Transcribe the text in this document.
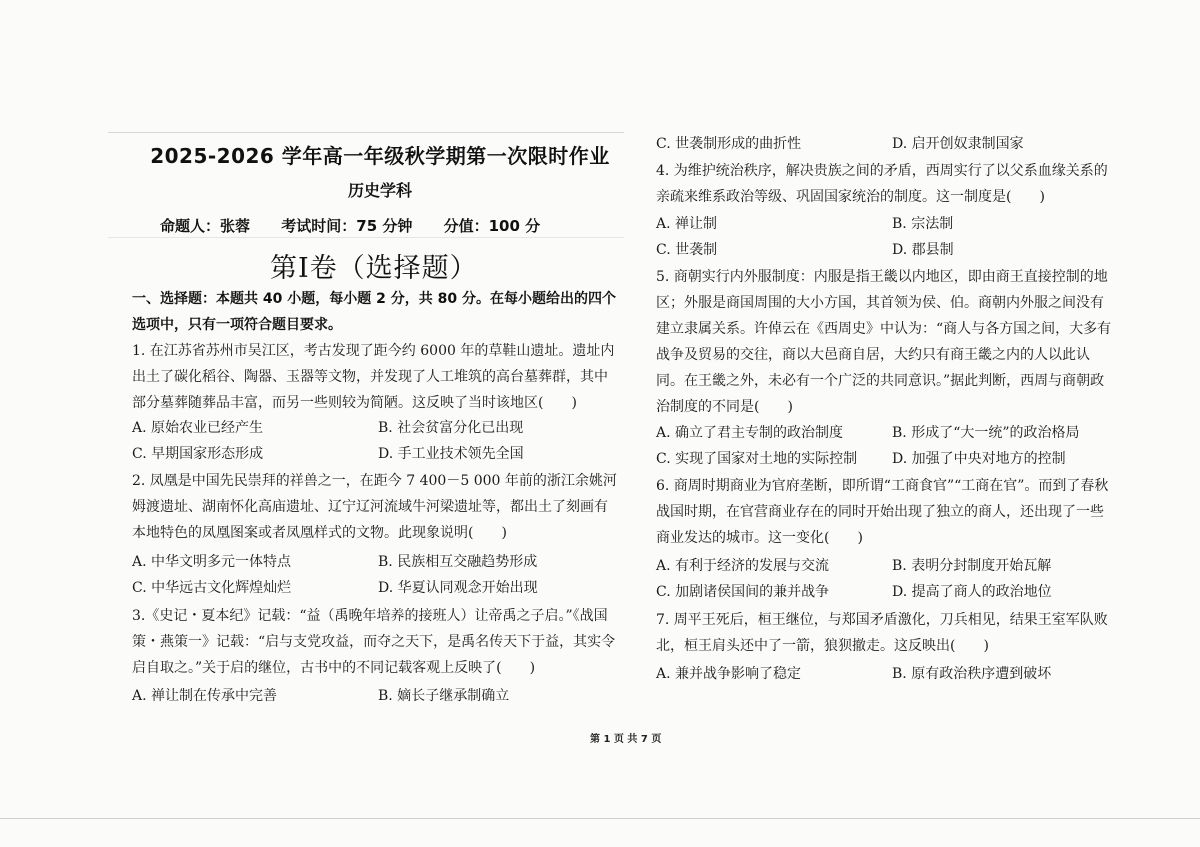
2025-2026 学年高一年级秋学期第一次限时作业
历史学科
命题人：张蓉 考试时间：75 分钟 分值：100 分
第Ⅰ卷（选择题）
一、选择题：本题共 40 小题，每小题 2 分，共 80 分。在每小题给出的四个选项中，只有一项符合题目要求。
1. 在江苏省苏州市吴江区，考古发现了距今约 6000 年的草鞋山遗址。遗址内出土了碳化稻谷、陶器、玉器等文物，并发现了人工堆筑的高台墓葬群，其中部分墓葬随葬品丰富，而另一些则较为简陋。这反映了当时该地区(　　)
A. 原始农业已经产生	B. 社会贫富分化已出现
C. 早期国家形态形成	D. 手工业技术领先全国
2. 凤凰是中国先民崇拜的祥兽之一，在距今 7 400－5 000 年前的浙江余姚河姆渡遗址、湖南怀化高庙遗址、辽宁辽河流域牛河梁遗址等，都出土了刻画有本地特色的凤凰图案或者凤凰样式的文物。此现象说明(　　)
A. 中华文明多元一体特点	B. 民族相互交融趋势形成
C. 中华远古文化辉煌灿烂	D. 华夏认同观念开始出现
3.《史记・夏本纪》记载：“益（禹晚年培养的接班人）让帝禹之子启。”《战国策・燕策一》记载：“启与支党攻益，而夺之天下，是禹名传天下于益，其实令启自取之。”关于启的继位，古书中的不同记载客观上反映了(　　)
A. 禅让制在传承中完善	B. 嫡长子继承制确立
C. 世袭制形成的曲折性	D. 启开创奴隶制国家
4. 为维护统治秩序，解决贵族之间的矛盾，西周实行了以父系血缘关系的亲疏来维系政治等级、巩固国家统治的制度。这一制度是(　　)
A. 禅让制	B. 宗法制
C. 世袭制	D. 郡县制
5. 商朝实行内外服制度：内服是指王畿以内地区，即由商王直接控制的地区；外服是商国周围的大小方国，其首领为侯、伯。商朝内外服之间没有建立隶属关系。许倬云在《西周史》中认为：“商人与各方国之间，大多有战争及贸易的交往，商以大邑商自居，大约只有商王畿之内的人以此认同。在王畿之外，未必有一个广泛的共同意识。”据此判断，西周与商朝政治制度的不同是(　　)
A. 确立了君主专制的政治制度	B. 形成了“大一统”的政治格局
C. 实现了国家对土地的实际控制 D. 加强了中央对地方的控制
6. 商周时期商业为官府垄断，即所谓“工商食官”“工商在官”。而到了春秋战国时期，在官营商业存在的同时开始出现了独立的商人，还出现了一些商业发达的城市。这一变化(　　)
A. 有利于经济的发展与交流	B. 表明分封制度开始瓦解
C. 加剧诸侯国间的兼并战争	D. 提高了商人的政治地位
7. 周平王死后，桓王继位，与郑国矛盾激化，刀兵相见，结果王室军队败北，桓王肩头还中了一箭，狼狈撤走。这反映出(　　)
A. 兼并战争影响了稳定	B. 原有政治秩序遭到破坏
第 1 页 共 7 页
